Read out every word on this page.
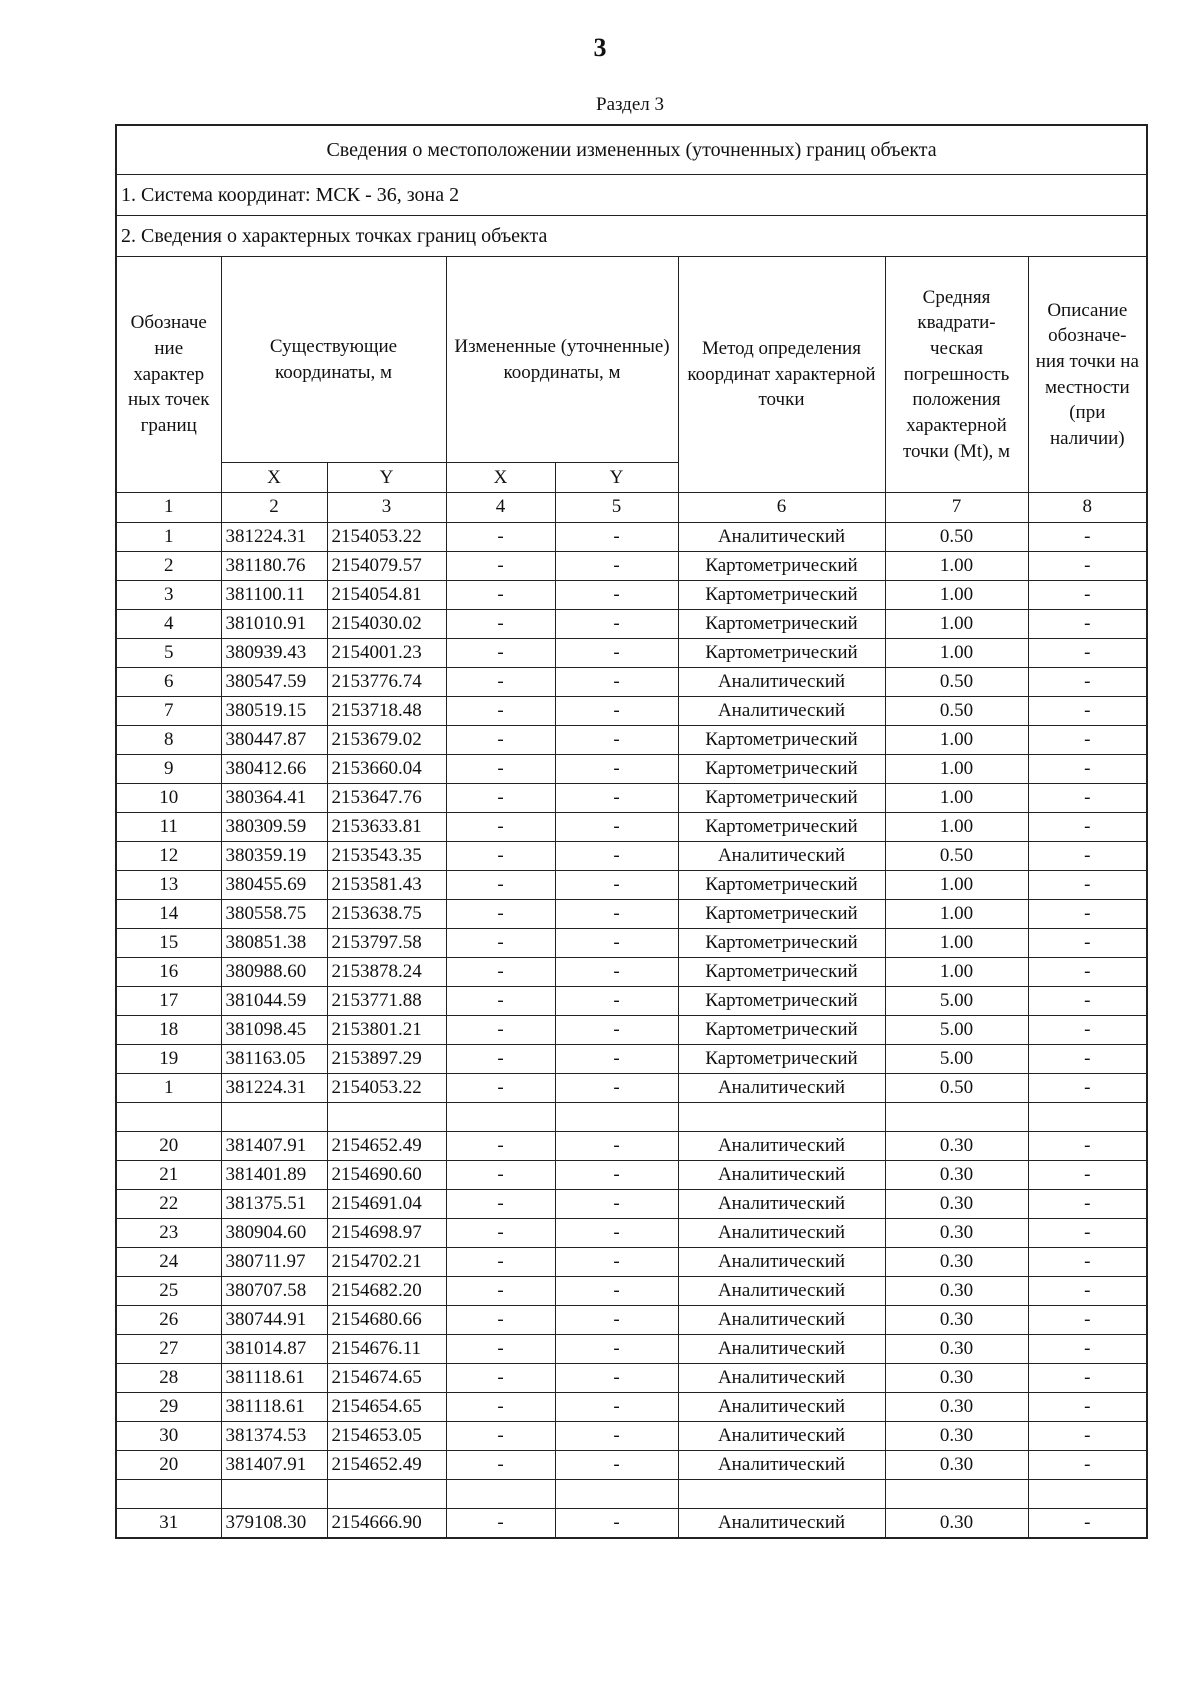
3
Раздел 3
Сведения о местоположении измененных (уточненных) границ объекта							
1. Система координат: МСК - 36, зона 2							
2. Сведения о характерных точках границ объекта							
Обозначе ние характер ных точек границ	Существующие координаты, м		Измененные (уточненные) координаты, м		Метод определения координат характерной точки	Средняя квадрати- ческая погрешность положения характерной точки (Mt), м	Описание обозначе- ния точки на местности (при наличии)
	X	Y	X	Y			
1	2	3	4	5	6	7	8
1	381224.31	2154053.22	-	-	Аналитический	0.50	-
2	381180.76	2154079.57	-	-	Картометрический	1.00	-
3	381100.11	2154054.81	-	-	Картометрический	1.00	-
4	381010.91	2154030.02	-	-	Картометрический	1.00	-
5	380939.43	2154001.23	-	-	Картометрический	1.00	-
6	380547.59	2153776.74	-	-	Аналитический	0.50	-
7	380519.15	2153718.48	-	-	Аналитический	0.50	-
8	380447.87	2153679.02	-	-	Картометрический	1.00	-
9	380412.66	2153660.04	-	-	Картометрический	1.00	-
10	380364.41	2153647.76	-	-	Картометрический	1.00	-
11	380309.59	2153633.81	-	-	Картометрический	1.00	-
12	380359.19	2153543.35	-	-	Аналитический	0.50	-
13	380455.69	2153581.43	-	-	Картометрический	1.00	-
14	380558.75	2153638.75	-	-	Картометрический	1.00	-
15	380851.38	2153797.58	-	-	Картометрический	1.00	-
16	380988.60	2153878.24	-	-	Картометрический	1.00	-
17	381044.59	2153771.88	-	-	Картометрический	5.00	-
18	381098.45	2153801.21	-	-	Картометрический	5.00	-
19	381163.05	2153897.29	-	-	Картометрический	5.00	-
1	381224.31	2154053.22	-	-	Аналитический	0.50	-

20	381407.91	2154652.49	-	-	Аналитический	0.30	-
21	381401.89	2154690.60	-	-	Аналитический	0.30	-
22	381375.51	2154691.04	-	-	Аналитический	0.30	-
23	380904.60	2154698.97	-	-	Аналитический	0.30	-
24	380711.97	2154702.21	-	-	Аналитический	0.30	-
25	380707.58	2154682.20	-	-	Аналитический	0.30	-
26	380744.91	2154680.66	-	-	Аналитический	0.30	-
27	381014.87	2154676.11	-	-	Аналитический	0.30	-
28	381118.61	2154674.65	-	-	Аналитический	0.30	-
29	381118.61	2154654.65	-	-	Аналитический	0.30	-
30	381374.53	2154653.05	-	-	Аналитический	0.30	-
20	381407.91	2154652.49	-	-	Аналитический	0.30	-

31	379108.30	2154666.90	-	-	Аналитический	0.30	-
